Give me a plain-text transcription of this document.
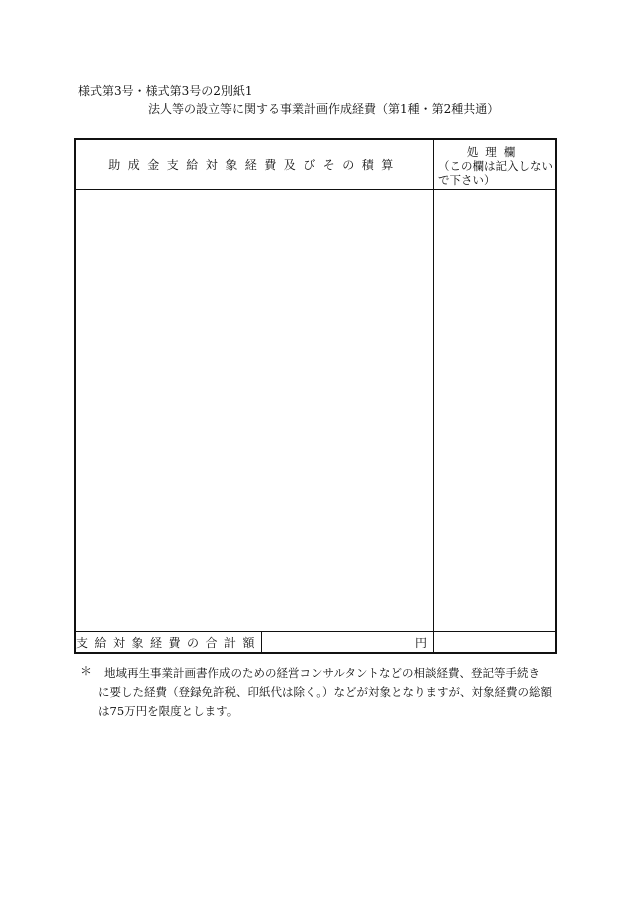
様式第3号・様式第3号の2別紙1
法人等の設立等に関する事業計画作成経費（第1種・第2種共通）
助成金支給対象経費及びその積算
処理欄
（この欄は記入しない
で下さい）
支給対象経費の合計額	円
＊ 地域再生事業計画書作成のための経営コンサルタントなどの相談経費、登記等手続き
に要した経費（登録免許税、印紙代は除く。）などが対象となりますが、対象経費の総額
は75万円を限度とします。
